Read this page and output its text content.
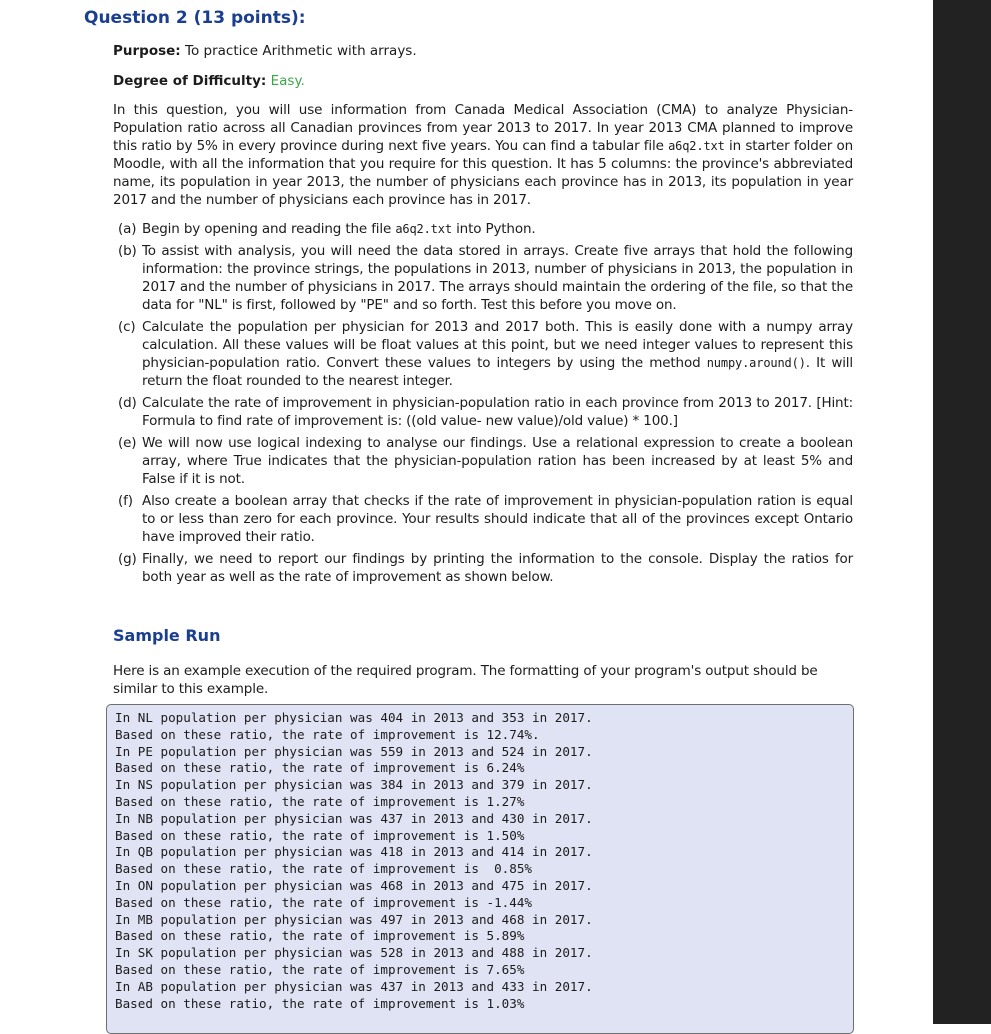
Question 2 (13 points):
Purpose: To practice Arithmetic with arrays.
Degree of Difficulty: Easy.
In this question, you will use information from Canada Medical Association (CMA) to analyze Physician-Population ratio across all Canadian provinces from year 2013 to 2017. In year 2013 CMA planned to improve this ratio by 5% in every province during next five years. You can find a tabular file a6q2.txt in starter folder on Moodle, with all the information that you require for this question. It has 5 columns: the province's abbreviated name, its population in year 2013, the number of physicians each province has in 2013, its population in year 2017 and the number of physicians each province has in 2017.
(a) Begin by opening and reading the file a6q2.txt into Python.
(b) To assist with analysis, you will need the data stored in arrays. Create five arrays that hold the following information: the province strings, the populations in 2013, number of physicians in 2013, the population in 2017 and the number of physicians in 2017. The arrays should maintain the ordering of the file, so that the data for "NL" is first, followed by "PE" and so forth. Test this before you move on.
(c) Calculate the population per physician for 2013 and 2017 both. This is easily done with a numpy array calculation. All these values will be float values at this point, but we need integer values to represent this physician-population ratio. Convert these values to integers by using the method numpy.around(). It will return the float rounded to the nearest integer.
(d) Calculate the rate of improvement in physician-population ratio in each province from 2013 to 2017. [Hint: Formula to find rate of improvement is: ((old value- new value)/old value) * 100.]
(e) We will now use logical indexing to analyse our findings. Use a relational expression to create a boolean array, where True indicates that the physician-population ration has been increased by at least 5% and False if it is not.
(f) Also create a boolean array that checks if the rate of improvement in physician-population ration is equal to or less than zero for each province. Your results should indicate that all of the provinces except Ontario have improved their ratio.
(g) Finally, we need to report our findings by printing the information to the console. Display the ratios for both year as well as the rate of improvement as shown below.
Sample Run
Here is an example execution of the required program. The formatting of your program's output should be similar to this example.
In NL population per physician was 404 in 2013 and 353 in 2017.
Based on these ratio, the rate of improvement is 12.74%.
In PE population per physician was 559 in 2013 and 524 in 2017.
Based on these ratio, the rate of improvement is 6.24%
In NS population per physician was 384 in 2013 and 379 in 2017.
Based on these ratio, the rate of improvement is 1.27%
In NB population per physician was 437 in 2013 and 430 in 2017.
Based on these ratio, the rate of improvement is 1.50%
In QB population per physician was 418 in 2013 and 414 in 2017.
Based on these ratio, the rate of improvement is  0.85%
In ON population per physician was 468 in 2013 and 475 in 2017.
Based on these ratio, the rate of improvement is -1.44%
In MB population per physician was 497 in 2013 and 468 in 2017.
Based on these ratio, the rate of improvement is 5.89%
In SK population per physician was 528 in 2013 and 488 in 2017.
Based on these ratio, the rate of improvement is 7.65%
In AB population per physician was 437 in 2013 and 433 in 2017.
Based on these ratio, the rate of improvement is 1.03%
